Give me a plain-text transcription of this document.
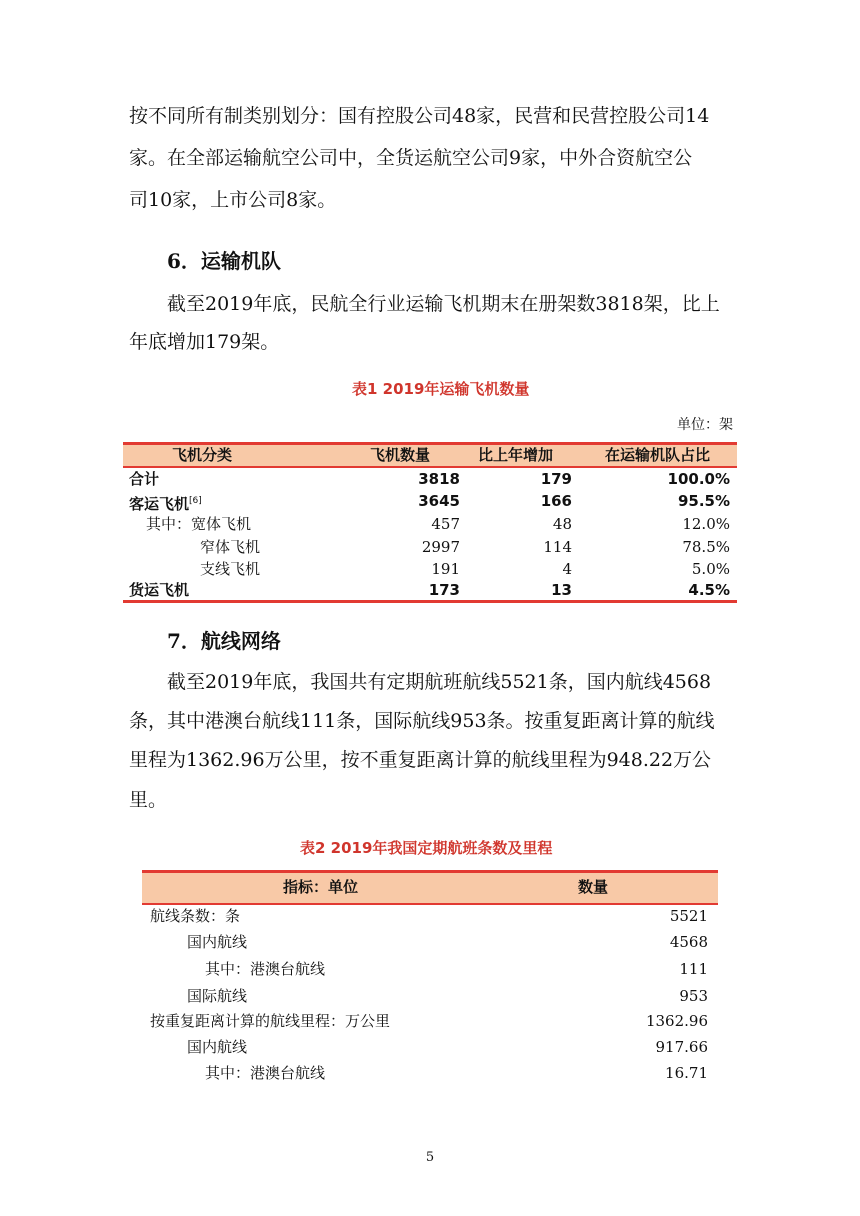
按不同所有制类别划分：国有控股公司48家，民营和民营控股公司14
家。在全部运输航空公司中，全货运航空公司9家，中外合资航空公
司10家，上市公司8家。
6．运输机队
截至2019年底，民航全行业运输飞机期末在册架数3818架，比上
年底增加179架。
表1 2019年运输飞机数量
单位：架
飞机分类	飞机数量	比上年增加	在运输机队占比
合计	3818	179	100.0%
客运飞机[6]	3645	166	95.5%
其中：宽体飞机	457	48	12.0%
窄体飞机	2997	114	78.5%
支线飞机	191	4	5.0%
货运飞机	173	13	4.5%
7．航线网络
截至2019年底，我国共有定期航班航线5521条，国内航线4568
条，其中港澳台航线111条，国际航线953条。按重复距离计算的航线
里程为1362.96万公里，按不重复距离计算的航线里程为948.22万公
里。
表2 2019年我国定期航班条数及里程
指标：单位	数量
航线条数：条	5521
国内航线	4568
其中：港澳台航线	111
国际航线	953
按重复距离计算的航线里程：万公里	1362.96
国内航线	917.66
其中：港澳台航线	16.71
5
